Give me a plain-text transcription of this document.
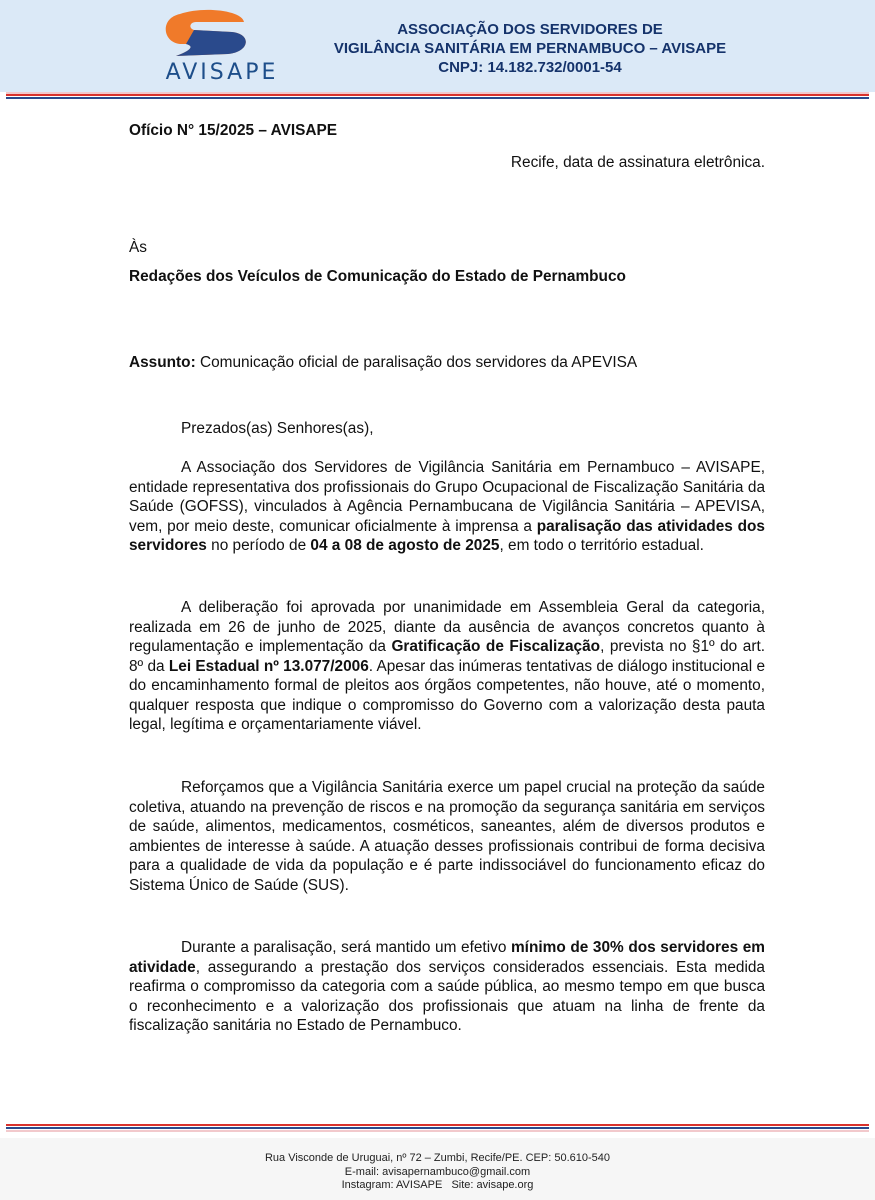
AVISAPE
ASSOCIAÇÃO DOS SERVIDORES DE
VIGILÂNCIA SANITÁRIA EM PERNAMBUCO – AVISAPE
CNPJ: 14.182.732/0001-54
Ofício N° 15/2025 – AVISAPE
Recife, data de assinatura eletrônica.
Às
Redações dos Veículos de Comunicação do Estado de Pernambuco
Assunto: Comunicação oficial de paralisação dos servidores da APEVISA
Prezados(as) Senhores(as),
A Associação dos Servidores de Vigilância Sanitária em Pernambuco – AVISAPE, entidade representativa dos profissionais do Grupo Ocupacional de Fiscalização Sanitária da Saúde (GOFSS), vinculados à Agência Pernambucana de Vigilância Sanitária – APEVISA, vem, por meio deste, comunicar oficialmente à imprensa a paralisação das atividades dos servidores no período de 04 a 08 de agosto de 2025, em todo o território estadual.
A deliberação foi aprovada por unanimidade em Assembleia Geral da categoria, realizada em 26 de junho de 2025, diante da ausência de avanços concretos quanto à regulamentação e implementação da Gratificação de Fiscalização, prevista no §1º do art. 8º da Lei Estadual nº 13.077/2006. Apesar das inúmeras tentativas de diálogo institucional e do encaminhamento formal de pleitos aos órgãos competentes, não houve, até o momento, qualquer resposta que indique o compromisso do Governo com a valorização desta pauta legal, legítima e orçamentariamente viável.
Reforçamos que a Vigilância Sanitária exerce um papel crucial na proteção da saúde coletiva, atuando na prevenção de riscos e na promoção da segurança sanitária em serviços de saúde, alimentos, medicamentos, cosméticos, saneantes, além de diversos produtos e ambientes de interesse à saúde. A atuação desses profissionais contribui de forma decisiva para a qualidade de vida da população e é parte indissociável do funcionamento eficaz do Sistema Único de Saúde (SUS).
Durante a paralisação, será mantido um efetivo mínimo de 30% dos servidores em atividade, assegurando a prestação dos serviços considerados essenciais. Esta medida reafirma o compromisso da categoria com a saúde pública, ao mesmo tempo em que busca o reconhecimento e a valorização dos profissionais que atuam na linha de frente da fiscalização sanitária no Estado de Pernambuco.
Rua Visconde de Uruguai, nº 72 – Zumbi, Recife/PE. CEP: 50.610-540
E-mail: avisapernambuco@gmail.com
Instagram: AVISAPE   Site: avisape.org
